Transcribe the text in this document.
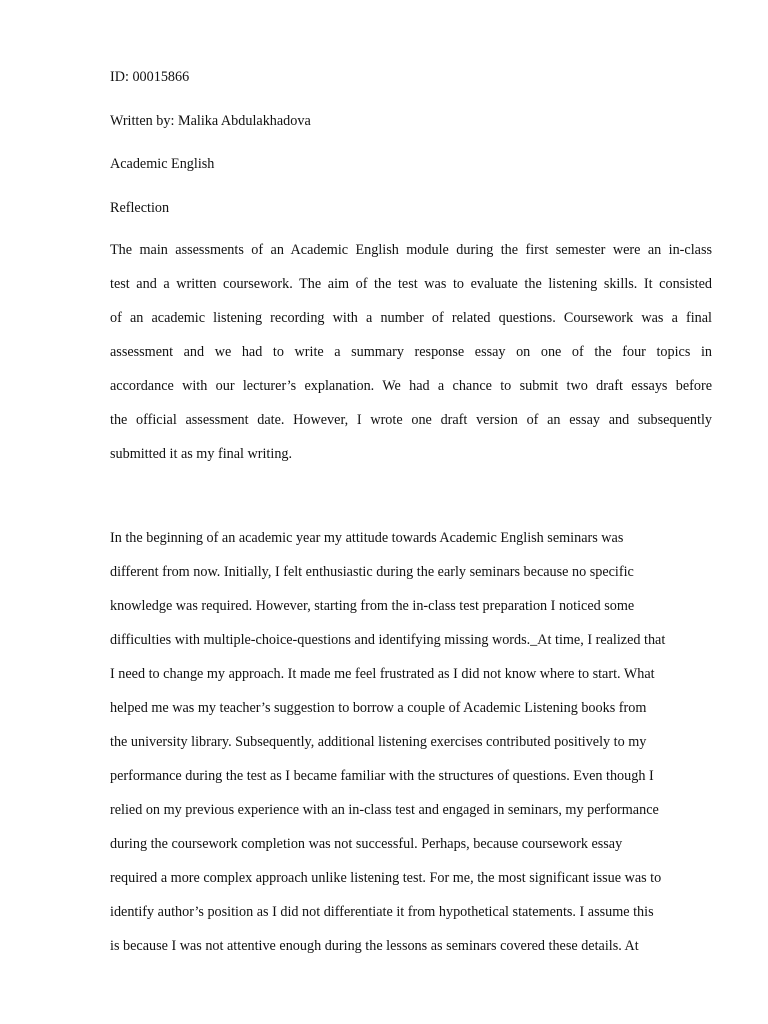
ID: 00015866
Written by: Malika Abdulakhadova
Academic English
Reflection
The main assessments of an Academic English module during the first semester were an in-class
test and a written coursework. The aim of the test was to evaluate the listening skills. It consisted
of an academic listening recording with a number of related questions. Coursework was a final
assessment and we had to write a summary response essay on one of the four topics in
accordance with our lecturer’s explanation. We had a chance to submit two draft essays before
the official assessment date. However, I wrote one draft version of an essay and subsequently
submitted it as my final writing.
In the beginning of an academic year my attitude towards Academic English seminars was
different from now. Initially, I felt enthusiastic during the early seminars because no specific
knowledge was required. However, starting from the in-class test preparation I noticed some
difficulties with multiple-choice-questions and identifying missing words._At time, I realized that
I need to change my approach. It made me feel frustrated as I did not know where to start. What
helped me was my teacher’s suggestion to borrow a couple of Academic Listening books from
the university library. Subsequently, additional listening exercises contributed positively to my
performance during the test as I became familiar with the structures of questions. Even though I
relied on my previous experience with an in-class test and engaged in seminars, my performance
during the coursework completion was not successful. Perhaps, because coursework essay
required a more complex approach unlike listening test. For me, the most significant issue was to
identify author’s position as I did not differentiate it from hypothetical statements. I assume this
is because I was not attentive enough during the lessons as seminars covered these details. At
